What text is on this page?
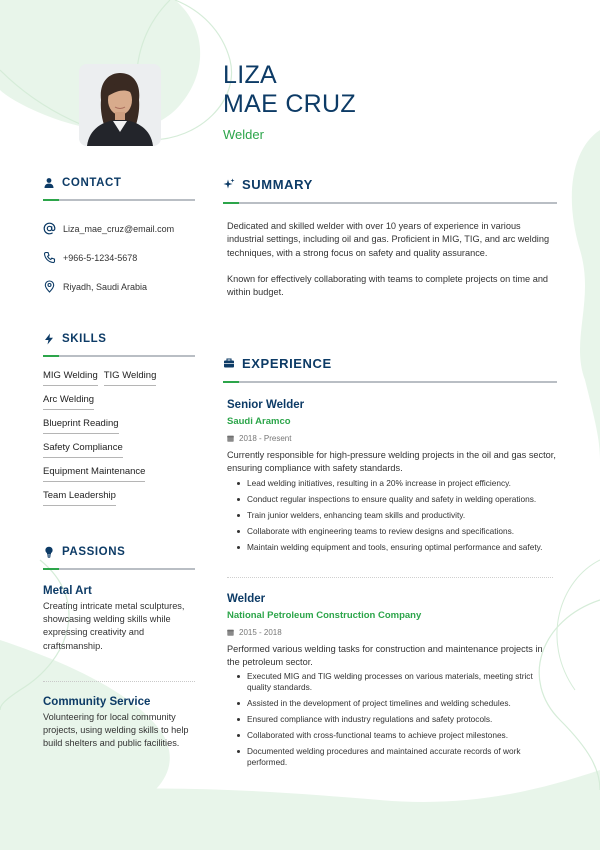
LIZA
MAE CRUZ
Welder
CONTACT
Liza_mae_cruz@email.com
+966-5-1234-5678
Riyadh, Saudi Arabia
SKILLS
MIG Welding TIG Welding
Arc Welding
Blueprint Reading
Safety Compliance
Equipment Maintenance
Team Leadership
PASSIONS
Metal Art
Creating intricate metal sculptures, showcasing welding skills while expressing creativity and craftsmanship.
Community Service
Volunteering for local community projects, using welding skills to help build shelters and public facilities.
SUMMARY

Dedicated and skilled welder with over 10 years of experience in various industrial settings, including oil and gas. Proficient in MIG, TIG, and arc welding techniques, with a strong focus on safety and quality assurance.

Known for effectively collaborating with teams to complete projects on time and within budget.

EXPERIENCE
Senior Welder
Saudi Aramco
2018 - Present
Currently responsible for high-pressure welding projects in the oil and gas sector, ensuring compliance with safety standards.
Lead welding initiatives, resulting in a 20% increase in project efficiency.
Conduct regular inspections to ensure quality and safety in welding operations.
Train junior welders, enhancing team skills and productivity.
Collaborate with engineering teams to review designs and specifications.
Maintain welding equipment and tools, ensuring optimal performance and safety.
Welder
National Petroleum Construction Company
2015 - 2018
Performed various welding tasks for construction and maintenance projects in the petroleum sector.
Executed MIG and TIG welding processes on various materials, meeting strict quality standards.
Assisted in the development of project timelines and welding schedules.
Ensured compliance with industry regulations and safety protocols.
Collaborated with cross-functional teams to achieve project milestones.
Documented welding procedures and maintained accurate records of work performed.
